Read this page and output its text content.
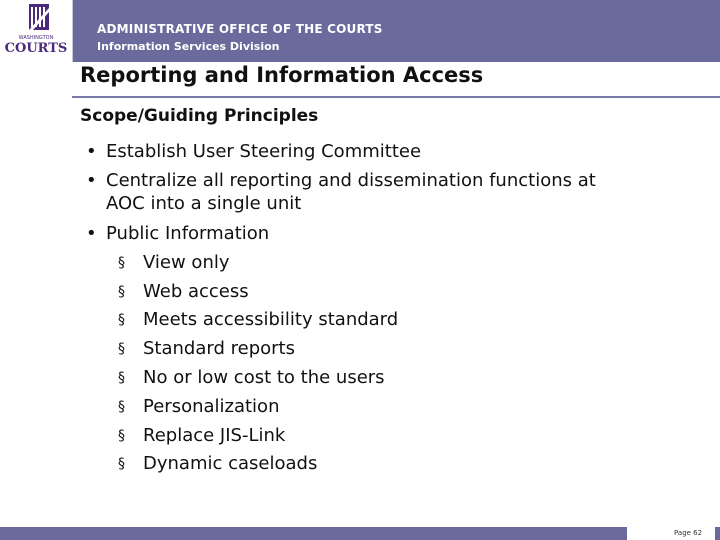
WASHINGTON
COURTS
ADMINISTRATIVE OFFICE OF THE COURTS
Information Services Division
Reporting and Information Access
Scope/Guiding Principles
• Establish User Steering Committee
• Centralize all reporting and dissemination functions at
AOC into a single unit
• Public Information
§ View only
§ Web access
§ Meets accessibility standard
§ Standard reports
§ No or low cost to the users
§ Personalization
§ Replace JIS-Link
§ Dynamic caseloads
Page 62
